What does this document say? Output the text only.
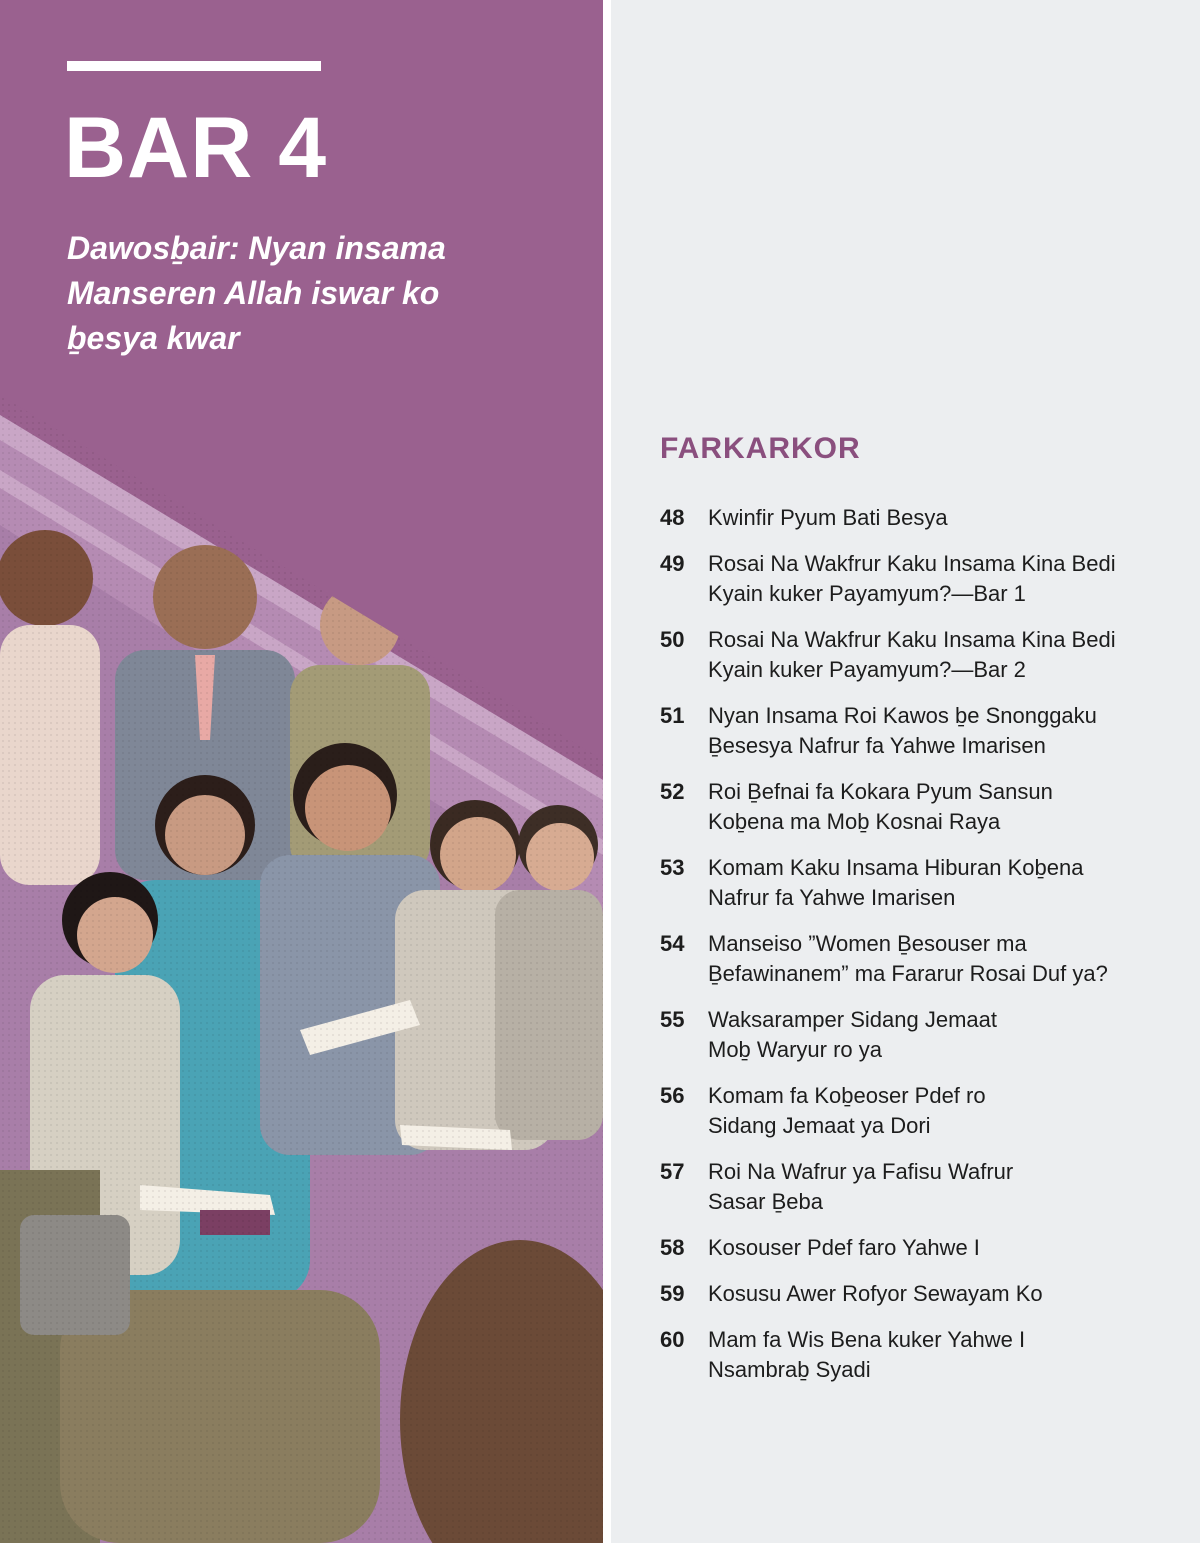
BAR 4

Dawosḇair: Nyan insama Manseren Allah iswar ko ḇesya kwar

FARKARKOR
48	Kwinfir Pyum Bati Besya
49	Rosai Na Wakfrur Kaku Insama Kina Bedi
Kyain kuker Payamyum?—Bar 1
50	Rosai Na Wakfrur Kaku Insama Kina Bedi
Kyain kuker Payamyum?—Bar 2
51	Nyan Insama Roi Kawos ḇe Snonggaku
Ḇesesya Nafrur fa Yahwe Imarisen
52	Roi Ḇefnai fa Kokara Pyum Sansun
Koḇena ma Moḇ Kosnai Raya
53	Komam Kaku Insama Hiburan Koḇena
Nafrur fa Yahwe Imarisen
54	Manseiso ”Women Ḇesouser ma
Ḇefawinanem” ma Fararur Rosai Duf ya?
55	Waksaramper Sidang Jemaat
Moḇ Waryur ro ya
56	Komam fa Koḇeoser Pdef ro
Sidang Jemaat ya Dori
57	Roi Na Wafrur ya Fafisu Wafrur
Sasar Ḇeba
58	Kosouser Pdef faro Yahwe I
59	Kosusu Awer Rofyor Sewayam Ko
60	Mam fa Wis Bena kuker Yahwe I
Nsambraḇ Syadi
